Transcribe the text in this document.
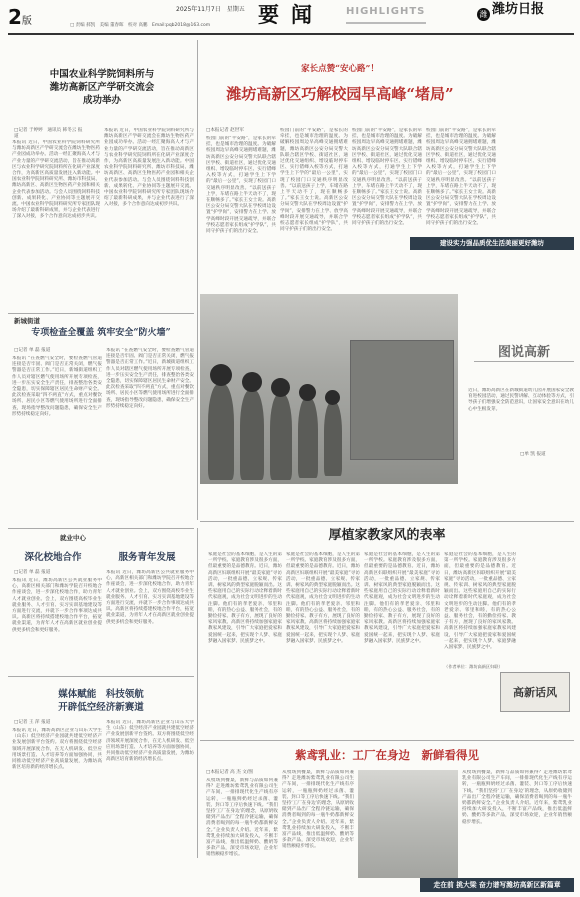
2版
2025年11月7日　星期五
□ 责编 郝凯　美编 董春晖　校对 高鹏　Email:pqb2018@163.com 要闻 HIGHLIGHTS	潍 潍坊日报
中国农业科学院饲料所与
潍坊高新区产学研交流会
成功举办
□记者 于婷婷　通讯员 韩冬云 报道
本报讯 近日，中国农业科学院饲料研究所与潍坊高新区产学研交流会在潍坊生物医药产业园成功举办。活动一经汇聚海高人才与产业力量的产学研交流活动，旨在推动高新区与农业科学研究院饲料所在化研产业深度合作，为高新区高质量发展注入新动能。中国农业科学院饲料研究所、潍坊市科技局、潍坊高新区、高新区生物医药产业园和相关企业代表参加活动。与会人员围绕饲料科技创新、成果转化、产业协同等主题展开交流。中国农业科学院饲料研究所专家团队现场介绍了最新科研成果，并与企业代表进行了深入对接，多个合作意向达成初步共识。
本报讯 近日，中国农业科学院饲料研究所与潍坊高新区产学研交流会在潍坊生物医药产业园成功举办。活动一经汇聚海高人才与产业力量的产学研交流活动，旨在推动高新区与农业科学研究院饲料所在化研产业深度合作，为高新区高质量发展注入新动能。中国农业科学院饲料研究所、潍坊市科技局、潍坊高新区、高新区生物医药产业园和相关企业代表参加活动。与会人员围绕饲料科技创新、成果转化、产业协同等主题展开交流。中国农业科学院饲料研究所专家团队现场介绍了最新科研成果，并与企业代表进行了深入对接，多个合作意向达成初步共识。
新城街道
专项检查全覆盖 筑牢安全“防火墙”
□记者 单 磊 报道
本报讯 “在查燃气安全时，要检查燃气管道连接是否牢固、阀门是否正常关闭，燃气报警器是否正常工作。”近日，新城街道组织工作人员对辖区燃气使用场所开展专项检查，进一步压实安全生产责任，排查整治各类安全隐患，切实保障辖区居民生命财产安全。此次检查采取“四不两直”方式，重点对餐饮场所、居民小区等燃气使用场所进行全面排查，现场指导整改问题隐患，确保安全生产形势持续稳定向好。
本报讯 “在查燃气安全时，要检查燃气管道连接是否牢固、阀门是否正常关闭，燃气报警器是否正常工作。”近日，新城街道组织工作人员对辖区燃气使用场所开展专项检查，进一步压实安全生产责任，排查整治各类安全隐患，切实保障辖区居民生命财产安全。此次检查采取“四不两直”方式，重点对餐饮场所、居民小区等燃气使用场所进行全面排查，现场指导整改问题隐患，确保安全生产形势持续稳定向好。
就业中心
深化校地合作	服务青年发展
□记者 单 磊 报道
本报讯 近日，潍坊高新区公共就业服务中心，高新区相关部门和潍坊学院召开校地合作座谈会，进一步深化校地合作，助力青年人才就业创业。会上，双方围绕高校毕业生就业服务、人才引育、实习实训基地建设等方面进行交流，并就下一步合作事项达成共识。高新区将持续搭建校地合作平台，拓宽就业渠道，为青年人才在高新区就业创业提供更多机会和更好服务。
本报讯 近日，潍坊高新区公共就业服务中心，高新区相关部门和潍坊学院召开校地合作座谈会，进一步深化校地合作，助力青年人才就业创业。会上，双方围绕高校毕业生就业服务、人才引育、实习实训基地建设等方面进行交流，并就下一步合作事项达成共识。高新区将持续搭建校地合作平台，拓宽就业渠道，为青年人才在高新区就业创业提供更多机会和更好服务。
媒体赋能　科技领航
开辟低空经济新赛道
□记者 王 萍 报道
本报讯 近日，潍坊高新区企业与山东大学生（山东）低空经济产业园就共建低空经济产业发展创新平台签约。双方将围绕低空经济领域开展深度合作，在无人机研发、低空应用场景打造、人才培养等方面加强协同，共同推动低空经济产业高质量发展，为潍坊高新区培育新的经济增长点。
本报讯 近日，潍坊高新区企业与山东大学生（山东）低空经济产业园就共建低空经济产业发展创新平台签约。双方将围绕低空经济领域开展深度合作，在无人机研发、低空应用场景打造、人才培养等方面加强协同，共同推动低空经济产业高质量发展，为潍坊高新区培育新的经济增长点。
家长点赞“安心路”！
潍坊高新区巧解校园早高峰“堵局”
□本报记者 赵世军
校园门前的“平安路”，是家长的牵挂，也是城市治理的温度。为破解校园周边早高峰交通拥堵难题，潍坊高新区公安分局交警大队联合辖区学校、街道社区，通过优化交通组织、增设临时停车区、实行错峰入校等方式，打通学生上下学的“最后一公里”，实现了校园门口交通秩序明显改善。“以前送孩子上学，车堵在路上半天动不了，现在顺畅多了。”家长王女士说。高新区公安分局交警大队在学校周边设置“护学岗”，安排警力在上学、放学高峰时段开展交通疏导，并联合学校志愿者家长组成“护学队”，共同守护孩子们的出行安全。
校园门前的“平安路”，是家长的牵挂，也是城市治理的温度。为破解校园周边早高峰交通拥堵难题，潍坊高新区公安分局交警大队联合辖区学校、街道社区，通过优化交通组织、增设临时停车区、实行错峰入校等方式，打通学生上下学的“最后一公里”，实现了校园门口交通秩序明显改善。“以前送孩子上学，车堵在路上半天动不了，现在顺畅多了。”家长王女士说。高新区公安分局交警大队在学校周边设置“护学岗”，安排警力在上学、放学高峰时段开展交通疏导，并联合学校志愿者家长组成“护学队”，共同守护孩子们的出行安全。
校园门前的“平安路”，是家长的牵挂，也是城市治理的温度。为破解校园周边早高峰交通拥堵难题，潍坊高新区公安分局交警大队联合辖区学校、街道社区，通过优化交通组织、增设临时停车区、实行错峰入校等方式，打通学生上下学的“最后一公里”，实现了校园门口交通秩序明显改善。“以前送孩子上学，车堵在路上半天动不了，现在顺畅多了。”家长王女士说。高新区公安分局交警大队在学校周边设置“护学岗”，安排警力在上学、放学高峰时段开展交通疏导，并联合学校志愿者家长组成“护学队”，共同守护孩子们的出行安全。
校园门前的“平安路”，是家长的牵挂，也是城市治理的温度。为破解校园周边早高峰交通拥堵难题，潍坊高新区公安分局交警大队联合辖区学校、街道社区，通过优化交通组织、增设临时停车区、实行错峰入校等方式，打通学生上下学的“最后一公里”，实现了校园门口交通秩序明显改善。“以前送孩子上学，车堵在路上半天动不了，现在顺畅多了。”家长王女士说。高新区公安分局交警大队在学校周边设置“护学岗”，安排警力在上学、放学高峰时段开展交通疏导，并联合学校志愿者家长组成“护学队”，共同守护孩子们的出行安全。
建设实力强品质优生活美丽更好潍坊
图说高新
近日，潍坊高新区在新城街道幼儿园开展国家安全教育进校园活动，通过民警讲解、互动体验等方式，引导孩子们增强安全防范意识，让国家安全意识在幼儿心中生根发芽。
□单 凯 报道
厚植家教家风的表率
家庭是社会的基本细胞，是人生的第一所学校。家庭教育涉及很多方面，但最重要的是品德教育。近日，潍坊高新区妇联组织开展“最美家庭”寻访活动，一批重品德、立家规、传家训、树家风的典型家庭脱颖而出。这些家庭用自己的实际行动诠释着新时代家庭观，成为社会文明进步的生动注脚。他们有的孝老爱亲、邻里和睦，有的热心公益、服务社会，有的勤俭持家、教子有方，展现了良好的家风家教。高新区将持续加强家庭家教家风建设，引导广大家庭把爱家和爱国统一起来，把实现个人梦、家庭梦融入国家梦、民族梦之中。
家庭是社会的基本细胞，是人生的第一所学校。家庭教育涉及很多方面，但最重要的是品德教育。近日，潍坊高新区妇联组织开展“最美家庭”寻访活动，一批重品德、立家规、传家训、树家风的典型家庭脱颖而出。这些家庭用自己的实际行动诠释着新时代家庭观，成为社会文明进步的生动注脚。他们有的孝老爱亲、邻里和睦，有的热心公益、服务社会，有的勤俭持家、教子有方，展现了良好的家风家教。高新区将持续加强家庭家教家风建设，引导广大家庭把爱家和爱国统一起来，把实现个人梦、家庭梦融入国家梦、民族梦之中。
家庭是社会的基本细胞，是人生的第一所学校。家庭教育涉及很多方面，但最重要的是品德教育。近日，潍坊高新区妇联组织开展“最美家庭”寻访活动，一批重品德、立家规、传家训、树家风的典型家庭脱颖而出。这些家庭用自己的实际行动诠释着新时代家庭观，成为社会文明进步的生动注脚。他们有的孝老爱亲、邻里和睦，有的热心公益、服务社会，有的勤俭持家、教子有方，展现了良好的家风家教。高新区将持续加强家庭家教家风建设，引导广大家庭把爱家和爱国统一起来，把实现个人梦、家庭梦融入国家梦、民族梦之中。
家庭是社会的基本细胞，是人生的第一所学校。家庭教育涉及很多方面，但最重要的是品德教育。近日，潍坊高新区妇联组织开展“最美家庭”寻访活动，一批重品德、立家规、传家训、树家风的典型家庭脱颖而出。这些家庭用自己的实际行动诠释着新时代家庭观，成为社会文明进步的生动注脚。他们有的孝老爱亲、邻里和睦，有的热心公益、服务社会，有的勤俭持家、教子有方，展现了良好的家风家教。高新区将持续加强家庭家教家风建设，引导广大家庭把爱家和爱国统一起来，把实现个人梦、家庭梦融入国家梦、民族梦之中。
（作者单位：潍坊高新区妇联）
高新话风
紫鸢乳业：工厂在身边　新鲜看得见
□本报记者 高 杰 文/图
从牧场到餐桌，新鲜与品质如何兼得？走进潍坊紫鸢乳业有限公司生产车间，一排排现代化生产线有序运转，一瓶瓶鲜奶经过杀菌、灌装、封口等工序后快速下线。“我们坚持‘工厂在身边’的理念，从原奶收储到产品出厂全程冷链运输，确保消费者喝到的每一瓶牛奶都新鲜安全。”企业负责人介绍。近年来，紫鸢乳业持续加大研发投入，不断丰富产品线，推出低温鲜奶、酸奶等多款产品，深受市场欢迎，企业年销售额稳步增长。
从牧场到餐桌，新鲜与品质如何兼得？走进潍坊紫鸢乳业有限公司生产车间，一排排现代化生产线有序运转，一瓶瓶鲜奶经过杀菌、灌装、封口等工序后快速下线。“我们坚持‘工厂在身边’的理念，从原奶收储到产品出厂全程冷链运输，确保消费者喝到的每一瓶牛奶都新鲜安全。”企业负责人介绍。近年来，紫鸢乳业持续加大研发投入，不断丰富产品线，推出低温鲜奶、酸奶等多款产品，深受市场欢迎，企业年销售额稳步增长。
从牧场到餐桌，新鲜与品质如何兼得？走进潍坊紫鸢乳业有限公司生产车间，一排排现代化生产线有序运转，一瓶瓶鲜奶经过杀菌、灌装、封口等工序后快速下线。“我们坚持‘工厂在身边’的理念，从原奶收储到产品出厂全程冷链运输，确保消费者喝到的每一瓶牛奶都新鲜安全。”企业负责人介绍。近年来，紫鸢乳业持续加大研发投入，不断丰富产品线，推出低温鲜奶、酸奶等多款产品，深受市场欢迎，企业年销售额稳步增长。
走在前 挑大梁 奋力谱写潍坊高新区新篇章
